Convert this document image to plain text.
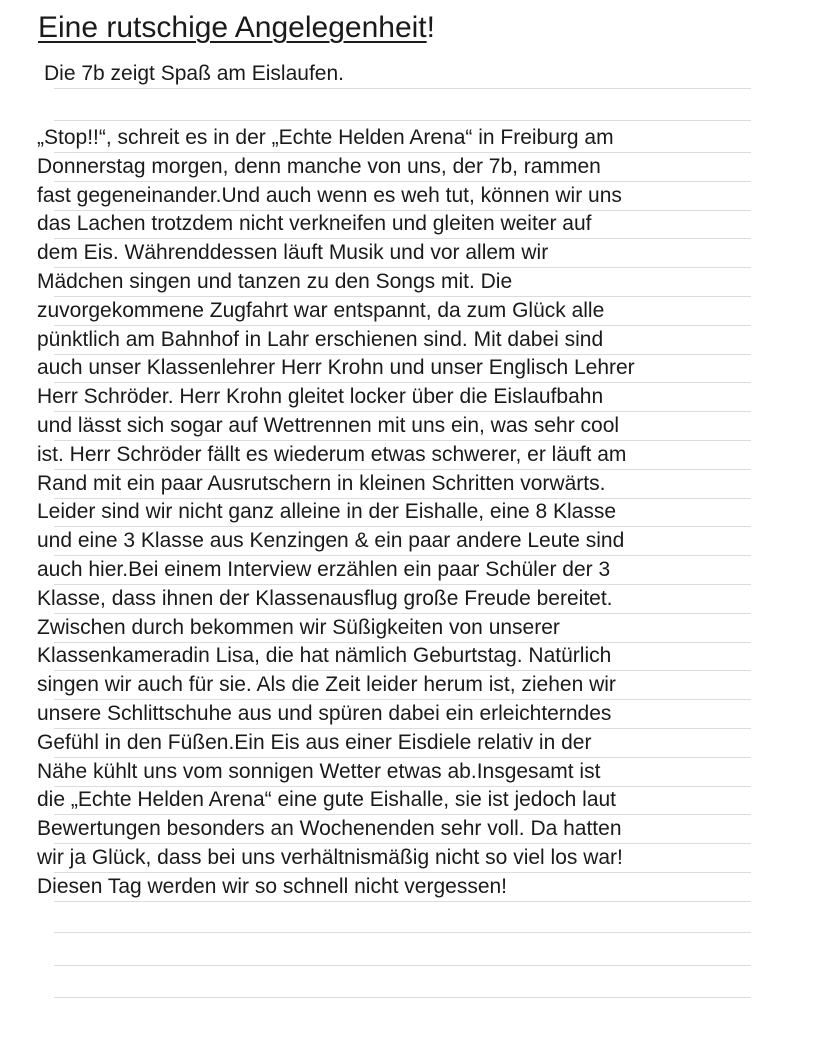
Eine rutschige Angelegenheit!

Die 7b zeigt Spaß am Eislaufen.

„Stop!!“, schreit es in der „Echte Helden Arena“ in Freiburg am
Donnerstag morgen, denn manche von uns, der 7b, rammen
fast gegeneinander.Und auch wenn es weh tut, können wir uns
das Lachen trotzdem nicht verkneifen und gleiten weiter auf
dem Eis. Währenddessen läuft Musik und vor allem wir
Mädchen singen und tanzen zu den Songs mit. Die
zuvorgekommene Zugfahrt war entspannt, da zum Glück alle
pünktlich am Bahnhof in Lahr erschienen sind. Mit dabei sind
auch unser Klassenlehrer Herr Krohn und unser Englisch Lehrer
Herr Schröder. Herr Krohn gleitet locker über die Eislaufbahn
und lässt sich sogar auf Wettrennen mit uns ein, was sehr cool
ist. Herr Schröder fällt es wiederum etwas schwerer, er läuft am
Rand mit ein paar Ausrutschern in kleinen Schritten vorwärts.
Leider sind wir nicht ganz alleine in der Eishalle, eine 8 Klasse
und eine 3 Klasse aus Kenzingen & ein paar andere Leute sind
auch hier.Bei einem Interview erzählen ein paar Schüler der 3
Klasse, dass ihnen der Klassenausflug große Freude bereitet.
Zwischen durch bekommen wir Süßigkeiten von unserer
Klassenkameradin Lisa, die hat nämlich Geburtstag. Natürlich
singen wir auch für sie. Als die Zeit leider herum ist, ziehen wir
unsere Schlittschuhe aus und spüren dabei ein erleichterndes
Gefühl in den Füßen.Ein Eis aus einer Eisdiele relativ in der
Nähe kühlt uns vom sonnigen Wetter etwas ab.Insgesamt ist
die „Echte Helden Arena“ eine gute Eishalle, sie ist jedoch laut
Bewertungen besonders an Wochenenden sehr voll. Da hatten
wir ja Glück, dass bei uns verhältnismäßig nicht so viel los war!
Diesen Tag werden wir so schnell nicht vergessen!
